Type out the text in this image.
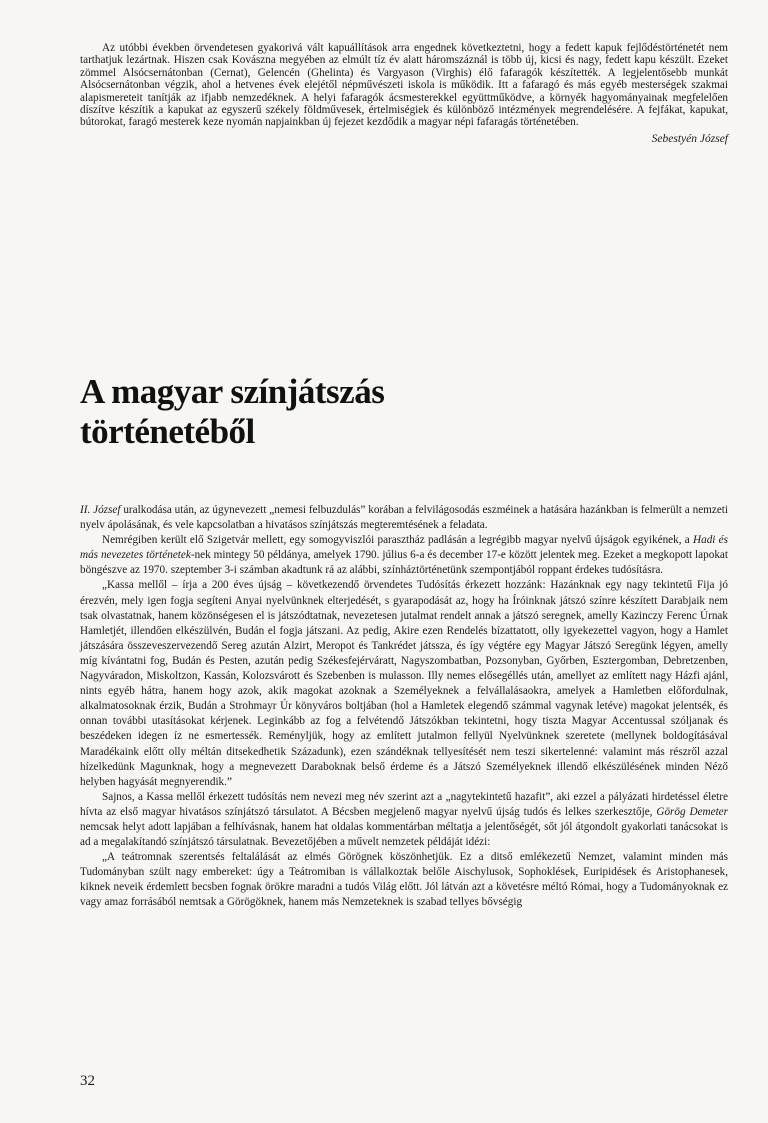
Az utóbbi években örvendetesen gyakorivá vált kapuállítások arra engednek következtetni, hogy a fedett kapuk fejlődéstörténetét nem tarthatjuk lezártnak. Hiszen csak Kovászna megyében az elmúlt tíz év alatt háromszáznál is több új, kicsi és nagy, fedett kapu készült. Ezeket zömmel Alsócsernátonban (Cernat), Gelencén (Ghelinta) és Vargyason (Virghis) élő fafaragók készítették. A legjelentősebb munkát Alsócsernátonban végzik, ahol a hetvenes évek elejétől népművészeti iskola is működik. Itt a fafaragó és más egyéb mesterségek szakmai alapismereteit tanítják az ifjabb nemzedéknek. A helyi fafaragók ácsmesterekkel együttműködve, a környék hagyományainak megfelelően díszítve készítik a kapukat az egyszerű székely földművesek, értelmiségiek és különböző intézmények megrendelésére. A fejfákat, kapukat, bútorokat, faragó mesterek keze nyomán napjainkban új fejezet kezdődik a magyar népi fafaragás történetében.

Sebestyén József
A magyar színjátszás
történetéből

II. József uralkodása után, az úgynevezett „nemesi felbuzdulás” korában a felvilágosodás eszméinek a hatására hazánkban is felmerült a nemzeti nyelv ápolásának, és vele kapcsolatban a hivatásos színjátszás megteremtésének a feladata.

Nemrégiben került elő Szigetvár mellett, egy somogyviszlói parasztház padlásán a legrégibb magyar nyelvű újságok egyikének, a Hadi és más nevezetes történetek-nek mintegy 50 példánya, amelyek 1790. július 6-a és december 17-e között jelentek meg. Ezeket a megkopott lapokat böngészve az 1970. szeptember 3-i számban akadtunk rá az alábbi, színháztörténetünk szempontjából roppant érdekes tudósításra.

„Kassa mellől – írja a 200 éves újság – következendő örvendetes Tudósítás érkezett hozzánk: Hazánknak egy nagy tekintetű Fija jó érezvén, mely igen fogja segíteni Anyai nyelvünknek elterjedését, s gyarapodását az, hogy ha Íróinknak játszó színre készített Darabjaik nem tsak olvastatnak, hanem közönségesen el is játszódtatnak, nevezetesen jutalmat rendelt annak a játszó seregnek, amelly Kazinczy Ferenc Úrnak Hamletjét, illendően elkészülvén, Budán el fogja játszani. Az pedig, Akire ezen Rendelés bízattatott, olly igyekezettel vagyon, hogy a Hamlet játszására összeveszervezendő Sereg azután Alzirt, Meropot és Tankrédet játssza, és így végtére egy Magyar Játszó Seregünk légyen, amelly míg kívántatni fog, Budán és Pesten, azután pedig Székesfejérváratt, Nagyszombatban, Pozsonyban, Győrben, Esztergomban, Debretzenben, Nagyváradon, Miskoltzon, Kassán, Kolozsvárott és Szebenben is mulasson. Illy nemes elősegéllés után, amellyet az említett nagy Házfi ajánl, nints egyéb hátra, hanem hogy azok, akik magokat azoknak a Személyeknek a felvállalásaokra, amelyek a Hamletben előfordulnak, alkalmatosoknak érzik, Budán a Strohmayr Úr könyváros boltjában (hol a Hamletek elegendő számmal vagynak letéve) magokat jelentsék, és onnan további utasításokat kérjenek. Leginkább az fog a felvétendő Játszókban tekintetni, hogy tiszta Magyar Accentussal szóljanak és beszédeken idegen íz ne esmertessék. Reményljük, hogy az említett jutalmon fellyül Nyelvünknek szeretete (mellynek boldogításával Maradékaink előtt olly méltán ditsekedhetik Századunk), ezen szándéknak tellyesítését nem teszi sikertelenné: valamint más részről azzal hízelkedünk Magunknak, hogy a megnevezett Daraboknak belső érdeme és a Játszó Személyeknek illendő elkészülésének minden Néző helyben hagyását megnyerendik.”

Sajnos, a Kassa mellől érkezett tudósítás nem nevezi meg név szerint azt a „nagytekintetű hazafit”, aki ezzel a pályázati hirdetéssel életre hívta az első magyar hivatásos színjátszó társulatot. A Bécsben megjelenő magyar nyelvű újság tudós és lelkes szerkesztője, Görög Demeter nemcsak helyt adott lapjában a felhívásnak, hanem hat oldalas kommentárban méltatja a jelentőségét, sőt jól átgondolt gyakorlati tanácsokat is ad a megalakítandó színjátszó társulatnak. Bevezetőjében a művelt nemzetek példáját idézi:

„A teátromnak szerentsés feltalálását az elmés Görögnek köszönhetjük. Ez a ditső emlékezetű Nemzet, valamint minden más Tudományban szült nagy embereket: úgy a Teátromiban is vállalkoztak belőle Aischylusok, Sophoklések, Euripidések és Aristophanesek, kiknek neveik érdemlett becsben fognak örökre maradni a tudós Világ előtt. Jól látván azt a követésre méltó Római, hogy a Tudományoknak ez vagy amaz forrásából nemtsak a Görögöknek, hanem más Nemzeteknek is szabad tellyes bővségig

32
